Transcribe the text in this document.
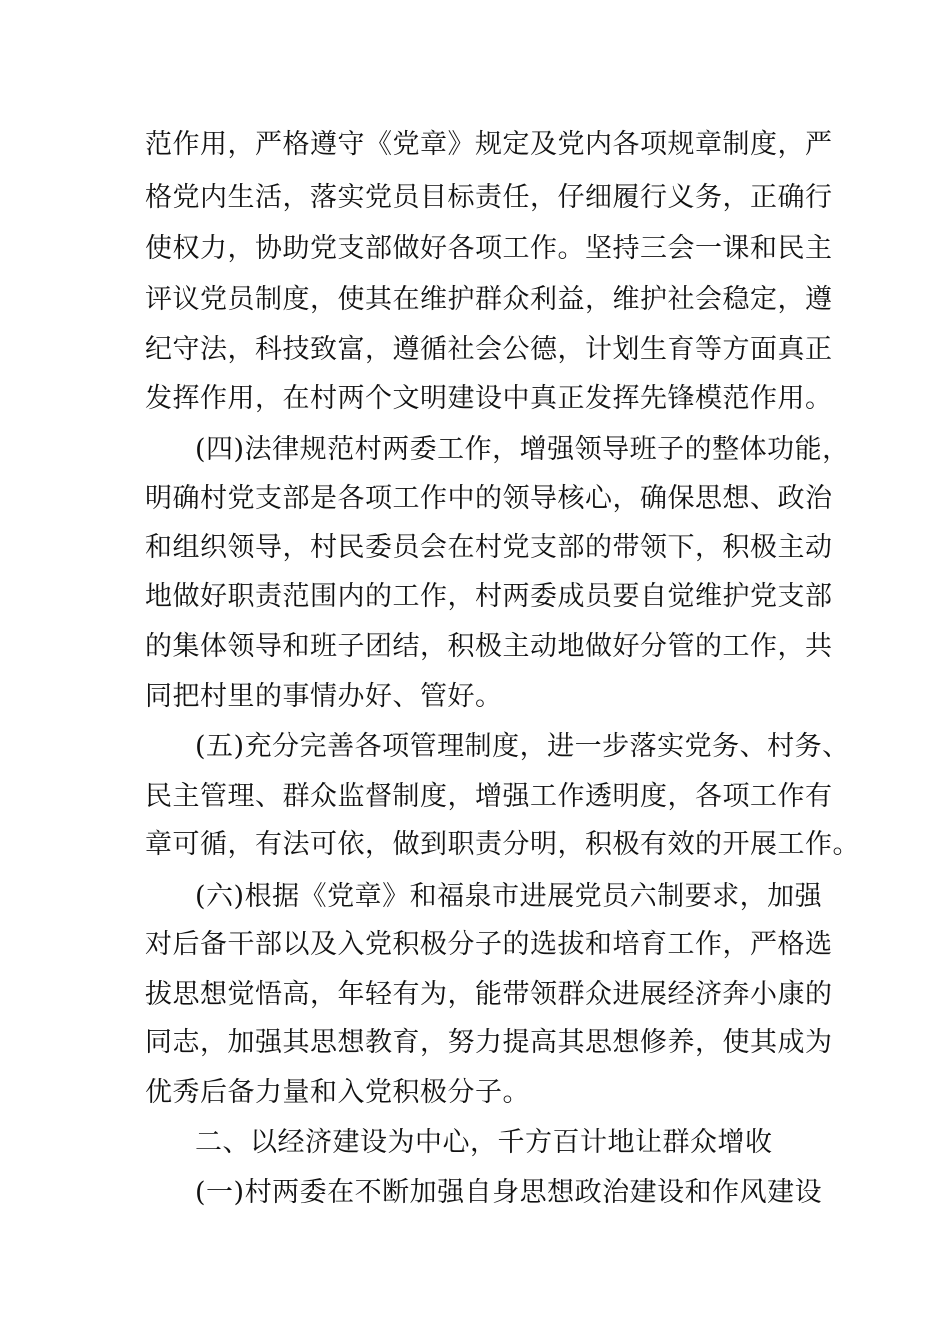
范作用，严格遵守《党章》规定及党内各项规章制度，严
格党内生活，落实党员目标责任，仔细履行义务，正确行
使权力，协助党支部做好各项工作。坚持三会一课和民主
评议党员制度，使其在维护群众利益，维护社会稳定，遵
纪守法，科技致富，遵循社会公德，计划生育等方面真正
发挥作用，在村两个文明建设中真正发挥先锋模范作用。
(四)法律规范村两委工作，增强领导班子的整体功能，
明确村党支部是各项工作中的领导核心，确保思想、政治
和组织领导，村民委员会在村党支部的带领下，积极主动
地做好职责范围内的工作，村两委成员要自觉维护党支部
的集体领导和班子团结，积极主动地做好分管的工作，共
同把村里的事情办好、管好。
(五)充分完善各项管理制度，进一步落实党务、村务、
民主管理、群众监督制度，增强工作透明度，各项工作有
章可循，有法可依，做到职责分明，积极有效的开展工作。
(六)根据《党章》和福泉市进展党员六制要求，加强
对后备干部以及入党积极分子的选拔和培育工作，严格选
拔思想觉悟高，年轻有为，能带领群众进展经济奔小康的
同志，加强其思想教育，努力提高其思想修养，使其成为
优秀后备力量和入党积极分子。
二、以经济建设为中心，千方百计地让群众增收
(一)村两委在不断加强自身思想政治建设和作风建设
